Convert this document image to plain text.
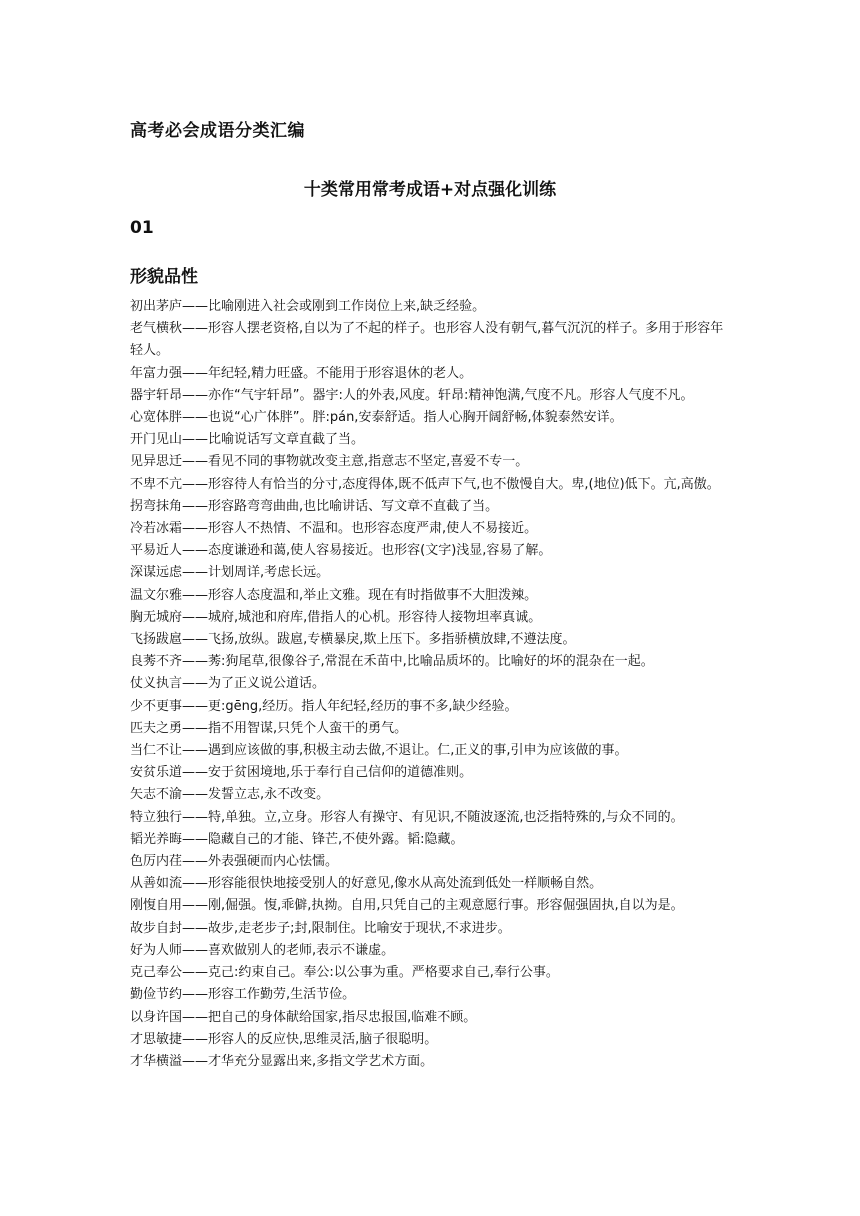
高考必会成语分类汇编
十类常用常考成语+对点强化训练
01
形貌品性
初出茅庐——比喻刚进入社会或刚到工作岗位上来,缺乏经验。
老气横秋——形容人摆老资格,自以为了不起的样子。也形容人没有朝气,暮气沉沉的样子。多用于形容年轻人。
年富力强——年纪轻,精力旺盛。不能用于形容退休的老人。
器宇轩昂——亦作“气宇轩昂”。器宇:人的外表,风度。轩昂:精神饱满,气度不凡。形容人气度不凡。
心宽体胖——也说“心广体胖”。胖:pán,安泰舒适。指人心胸开阔舒畅,体貌泰然安详。
开门见山——比喻说话写文章直截了当。
见异思迁——看见不同的事物就改变主意,指意志不坚定,喜爱不专一。
不卑不亢——形容待人有恰当的分寸,态度得体,既不低声下气,也不傲慢自大。卑,(地位)低下。亢,高傲。
拐弯抹角——形容路弯弯曲曲,也比喻讲话、写文章不直截了当。
冷若冰霜——形容人不热情、不温和。也形容态度严肃,使人不易接近。
平易近人——态度谦逊和蔼,使人容易接近。也形容(文字)浅显,容易了解。
深谋远虑——计划周详,考虑长远。
温文尔雅——形容人态度温和,举止文雅。现在有时指做事不大胆泼辣。
胸无城府——城府,城池和府库,借指人的心机。形容待人接物坦率真诚。
飞扬跋扈——飞扬,放纵。跋扈,专横暴戾,欺上压下。多指骄横放肆,不遵法度。
良莠不齐——莠:狗尾草,很像谷子,常混在禾苗中,比喻品质坏的。比喻好的坏的混杂在一起。
仗义执言——为了正义说公道话。
少不更事——更:gēng,经历。指人年纪轻,经历的事不多,缺少经验。
匹夫之勇——指不用智谋,只凭个人蛮干的勇气。
当仁不让——遇到应该做的事,积极主动去做,不退让。仁,正义的事,引申为应该做的事。
安贫乐道——安于贫困境地,乐于奉行自己信仰的道德准则。
矢志不渝——发誓立志,永不改变。
特立独行——特,单独。立,立身。形容人有操守、有见识,不随波逐流,也泛指特殊的,与众不同的。
韬光养晦——隐藏自己的才能、锋芒,不使外露。韬:隐藏。
色厉内荏——外表强硬而内心怯懦。
从善如流——形容能很快地接受别人的好意见,像水从高处流到低处一样顺畅自然。
刚愎自用——刚,倔强。愎,乖僻,执拗。自用,只凭自己的主观意愿行事。形容倔强固执,自以为是。
故步自封——故步,走老步子;封,限制住。比喻安于现状,不求进步。
好为人师——喜欢做别人的老师,表示不谦虚。
克己奉公——克己:约束自己。奉公:以公事为重。严格要求自己,奉行公事。
勤俭节约——形容工作勤劳,生活节俭。
以身许国——把自己的身体献给国家,指尽忠报国,临难不顾。
才思敏捷——形容人的反应快,思维灵活,脑子很聪明。
才华横溢——才华充分显露出来,多指文学艺术方面。
